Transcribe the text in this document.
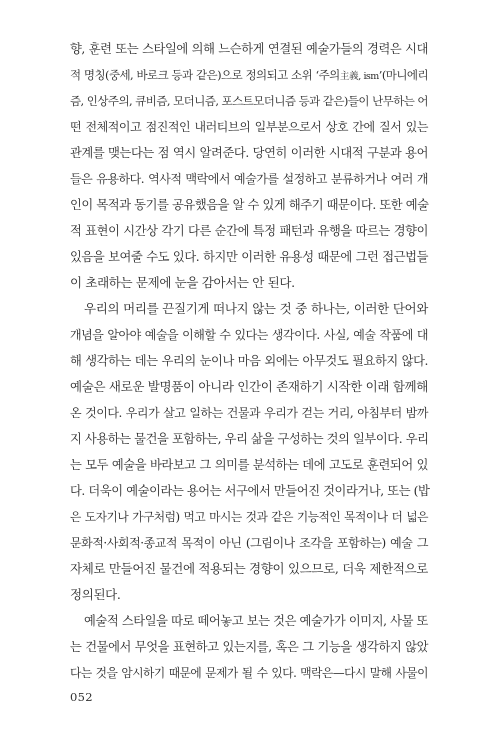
향, 훈련 또는 스타일에 의해 느슨하게 연결된 예술가들의 경력은 시대
적 명칭(중세, 바로크 등과 같은)으로 정의되고 소위 ‘주의主義, ism’(마니에리
즘, 인상주의, 큐비즘, 모더니즘, 포스트모더니즘 등과 같은)들이 난무하는 어
떤 전체적이고 점진적인 내러티브의 일부분으로서 상호 간에 질서 있는
관계를 맺는다는 점 역시 알려준다. 당연히 이러한 시대적 구분과 용어
들은 유용하다. 역사적 맥락에서 예술가를 설정하고 분류하거나 여러 개
인이 목적과 동기를 공유했음을 알 수 있게 해주기 때문이다. 또한 예술
적 표현이 시간상 각기 다른 순간에 특정 패턴과 유행을 따르는 경향이
있음을 보여줄 수도 있다. 하지만 이러한 유용성 때문에 그런 접근법들
이 초래하는 문제에 눈을 감아서는 안 된다.
우리의 머리를 끈질기게 떠나지 않는 것 중 하나는, 이러한 단어와
개념을 알아야 예술을 이해할 수 있다는 생각이다. 사실, 예술 작품에 대
해 생각하는 데는 우리의 눈이나 마음 외에는 아무것도 필요하지 않다.
예술은 새로운 발명품이 아니라 인간이 존재하기 시작한 이래 함께해
온 것이다. 우리가 살고 일하는 건물과 우리가 걷는 거리, 아침부터 밤까
지 사용하는 물건을 포함하는, 우리 삶을 구성하는 것의 일부이다. 우리
는 모두 예술을 바라보고 그 의미를 분석하는 데에 고도로 훈련되어 있
다. 더욱이 예술이라는 용어는 서구에서 만들어진 것이라거나, 또는 (밥
은 도자기나 가구처럼) 먹고 마시는 것과 같은 기능적인 목적이나 더 넓은
문화적·사회적·종교적 목적이 아닌 (그림이나 조각을 포함하는) 예술 그
자체로 만들어진 물건에 적용되는 경향이 있으므로, 더욱 제한적으로
정의된다.
예술적 스타일을 따로 떼어놓고 보는 것은 예술가가 이미지, 사물 또
는 건물에서 무엇을 표현하고 있는지를, 혹은 그 기능을 생각하지 않았
다는 것을 암시하기 때문에 문제가 될 수 있다. 맥락은—다시 말해 사물이
052
